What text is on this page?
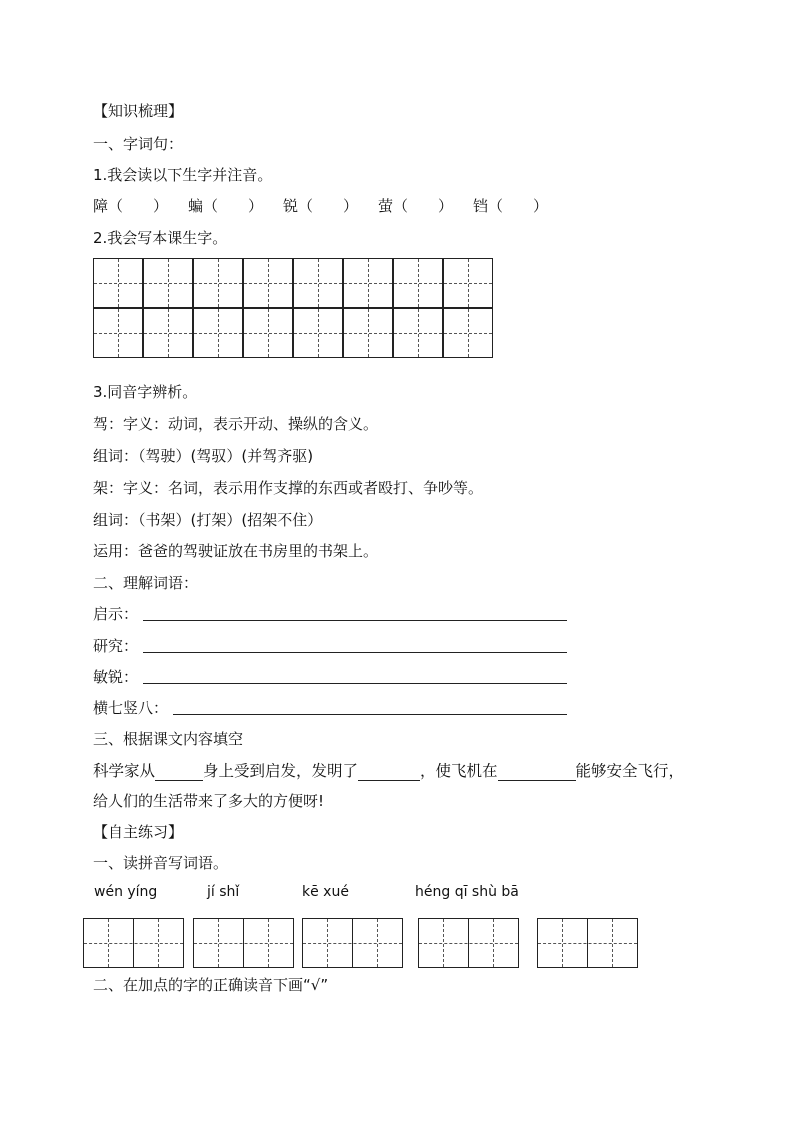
【知识梳理】
一、字词句：
1.我会读以下生字并注音。
障（　　） 蝙（　　） 锐（　　） 萤（　　） 铛（　　）
2.我会写本课生字。
3.同音字辨析。
驾：字义：动词，表示开动、操纵的含义。
组词：（驾驶）(驾驭）(并驾齐驱)
架：字义：名词，表示用作支撑的东西或者殴打、争吵等。
组词：（书架）(打架）(招架不住）
运用：爸爸的驾驶证放在书房里的书架上。
二、理解词语：
启示：
研究：
敏锐：
横七竖八：
三、根据课文内容填空
科学家从	身上受到启发，发明了	，使飞机在	能够安全飞行，
给人们的生活带来了多大的方便呀!
【自主练习】
一、读拼音写词语。
wén yíng	jí shǐ	kē xué	héng qī shù bā
二、在加点的字的正确读音下画“√”
